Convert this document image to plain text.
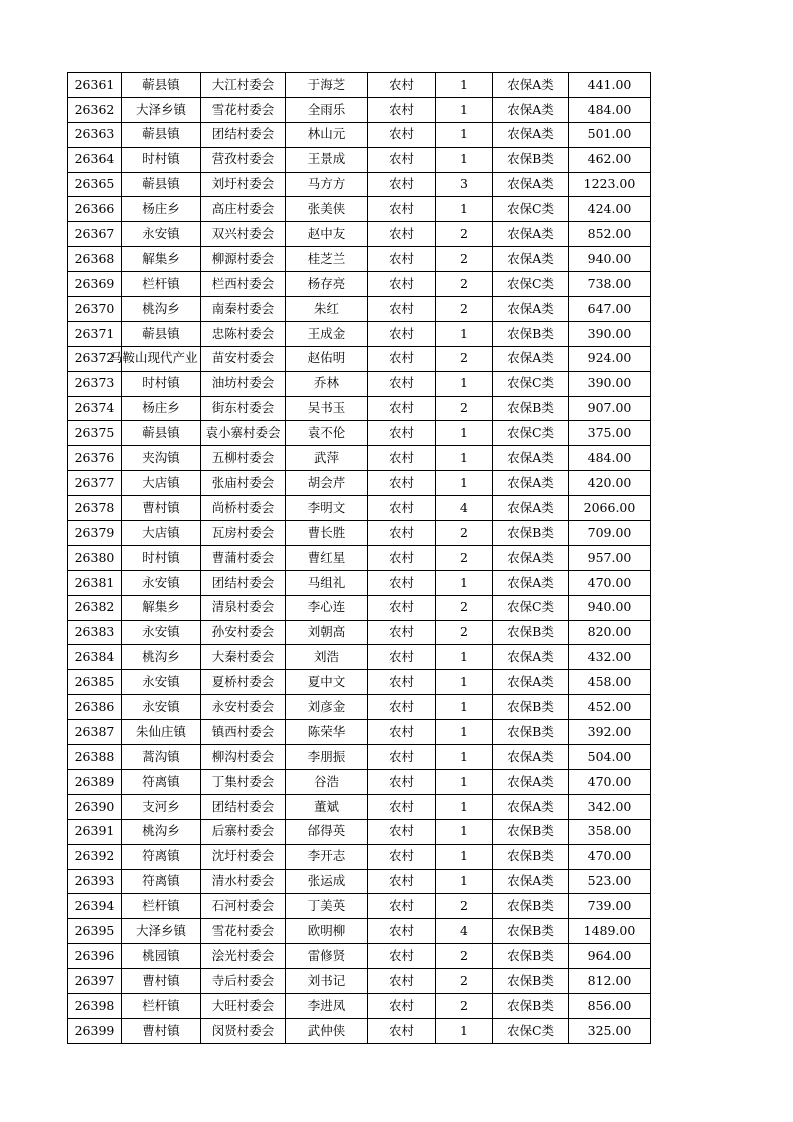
26361	蕲县镇	大江村委会	于海芝	农村	1	农保A类	441.00
26362	大泽乡镇	雪花村委会	全雨乐	农村	1	农保A类	484.00
26363	蕲县镇	团结村委会	林山元	农村	1	农保A类	501.00
26364	时村镇	营孜村委会	王景成	农村	1	农保B类	462.00
26365	蕲县镇	刘圩村委会	马方方	农村	3	农保A类	1223.00
26366	杨庄乡	高庄村委会	张美侠	农村	1	农保C类	424.00
26367	永安镇	双兴村委会	赵中友	农村	2	农保A类	852.00
26368	解集乡	柳源村委会	桂芝兰	农村	2	农保A类	940.00
26369	栏杆镇	栏西村委会	杨存亮	农村	2	农保C类	738.00
26370	桃沟乡	南秦村委会	朱红	农村	2	农保A类	647.00
26371	蕲县镇	忠陈村委会	王成金	农村	1	农保B类	390.00
26372	马鞍山现代产业	苗安村委会	赵佑明	农村	2	农保A类	924.00
26373	时村镇	油坊村委会	乔林	农村	1	农保C类	390.00
26374	杨庄乡	街东村委会	吴书玉	农村	2	农保B类	907.00
26375	蕲县镇	袁小寨村委会	袁不伦	农村	1	农保C类	375.00
26376	夹沟镇	五柳村委会	武萍	农村	1	农保A类	484.00
26377	大店镇	张庙村委会	胡会芹	农村	1	农保A类	420.00
26378	曹村镇	尚桥村委会	李明文	农村	4	农保A类	2066.00
26379	大店镇	瓦房村委会	曹长胜	农村	2	农保B类	709.00
26380	时村镇	曹蒲村委会	曹红星	农村	2	农保A类	957.00
26381	永安镇	团结村委会	马组礼	农村	1	农保A类	470.00
26382	解集乡	清泉村委会	李心连	农村	2	农保C类	940.00
26383	永安镇	孙安村委会	刘朝高	农村	2	农保B类	820.00
26384	桃沟乡	大秦村委会	刘浩	农村	1	农保A类	432.00
26385	永安镇	夏桥村委会	夏中文	农村	1	农保A类	458.00
26386	永安镇	永安村委会	刘彦金	农村	1	农保B类	452.00
26387	朱仙庄镇	镇西村委会	陈荣华	农村	1	农保B类	392.00
26388	蒿沟镇	柳沟村委会	李朋振	农村	1	农保A类	504.00
26389	符离镇	丁集村委会	谷浩	农村	1	农保A类	470.00
26390	支河乡	团结村委会	董斌	农村	1	农保A类	342.00
26391	桃沟乡	后寨村委会	邰得英	农村	1	农保B类	358.00
26392	符离镇	沈圩村委会	李开志	农村	1	农保B类	470.00
26393	符离镇	清水村委会	张运成	农村	1	农保A类	523.00
26394	栏杆镇	石河村委会	丁美英	农村	2	农保B类	739.00
26395	大泽乡镇	雪花村委会	欧明柳	农村	4	农保B类	1489.00
26396	桃园镇	浍光村委会	雷修贤	农村	2	农保B类	964.00
26397	曹村镇	寺后村委会	刘书记	农村	2	农保B类	812.00
26398	栏杆镇	大旺村委会	李进凤	农村	2	农保B类	856.00
26399	曹村镇	闵贤村委会	武仲侠	农村	1	农保C类	325.00
